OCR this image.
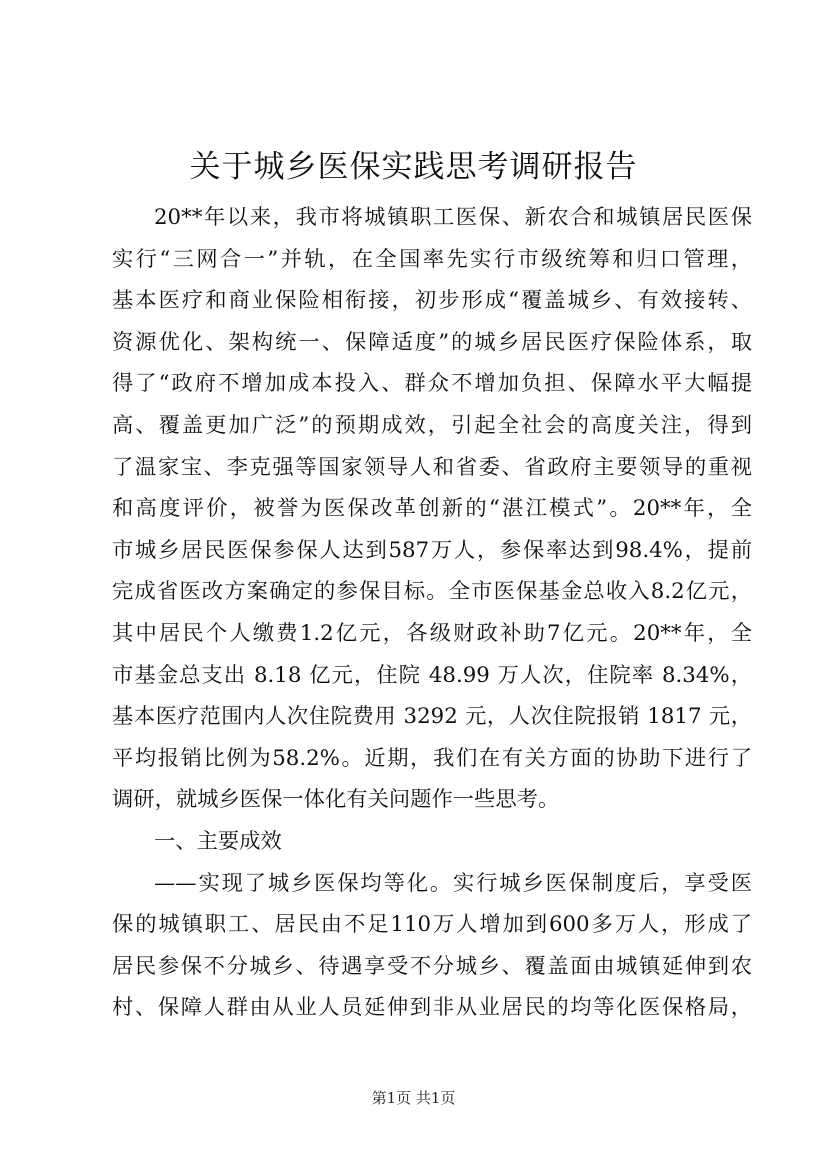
关于城乡医保实践思考调研报告
20**年以来，我市将城镇职工医保、新农合和城镇居民医保
实行“三网合一”并轨，在全国率先实行市级统筹和归口管理，
基本医疗和商业保险相衔接，初步形成“覆盖城乡、有效接转、
资源优化、架构统一、保障适度”的城乡居民医疗保险体系，取
得了“政府不增加成本投入、群众不增加负担、保障水平大幅提
高、覆盖更加广泛”的预期成效，引起全社会的高度关注，得到
了温家宝、李克强等国家领导人和省委、省政府主要领导的重视
和高度评价，被誉为医保改革创新的“湛江模式”。20**年，全
市城乡居民医保参保人达到587万人，参保率达到98.4%，提前
完成省医改方案确定的参保目标。全市医保基金总收入8.2亿元，
其中居民个人缴费1.2亿元，各级财政补助7亿元。20**年，全
市基金总支出 8.18 亿元，住院 48.99 万人次，住院率 8.34%，
基本医疗范围内人次住院费用 3292 元，人次住院报销 1817 元，
平均报销比例为58.2%。近期，我们在有关方面的协助下进行了
调研，就城乡医保一体化有关问题作一些思考。
一、主要成效
——实现了城乡医保均等化。实行城乡医保制度后，享受医
保的城镇职工、居民由不足110万人增加到600多万人，形成了
居民参保不分城乡、待遇享受不分城乡、覆盖面由城镇延伸到农
村、保障人群由从业人员延伸到非从业居民的均等化医保格局，
第1页 共1页
